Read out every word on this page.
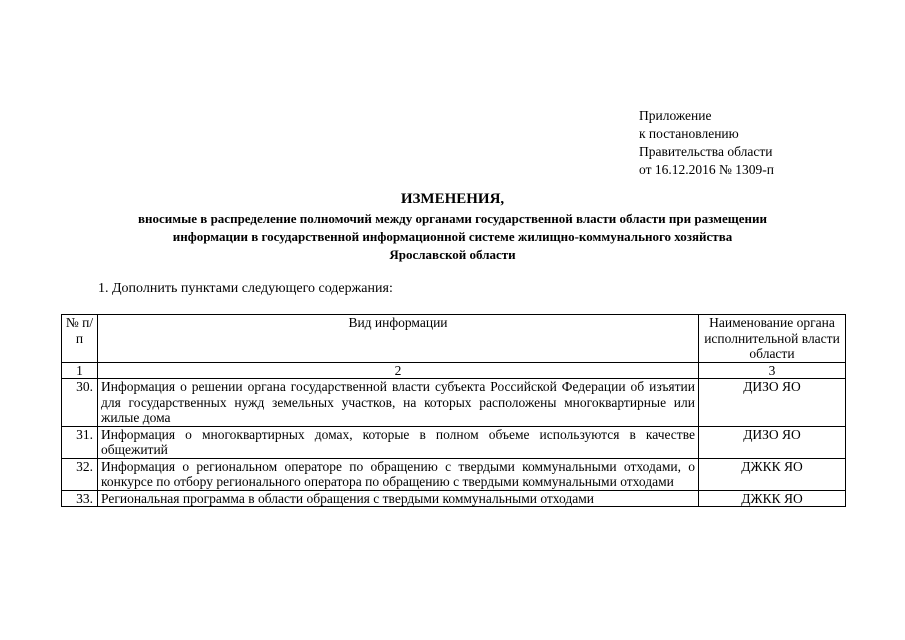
Приложение
к постановлению
Правительства области
от 16.12.2016 № 1309-п
ИЗМЕНЕНИЯ,
вносимые в распределение полномочий между органами государственной власти области при размещении
информации в государственной информационной системе жилищно-коммунального хозяйства
Ярославской области
1. Дополнить пунктами следующего содержания:
№ п/п	Вид информации	Наименование органа исполнительной власти области
1	2	3
30.	Информация о решении органа государственной власти субъекта Российской Федерации об изъятии для государственных нужд земельных участков, на которых расположены многоквартирные или жилые дома	ДИЗО ЯО
31.	Информация о многоквартирных домах, которые в полном объеме используются в качестве общежитий	ДИЗО ЯО
32.	Информация о региональном операторе по обращению с твердыми коммунальными отходами, о конкурсе по отбору регионального оператора по обращению с твердыми коммунальными отходами	ДЖКК ЯО
33.	Региональная программа в области обращения с твердыми коммунальными отходами	ДЖКК ЯО
